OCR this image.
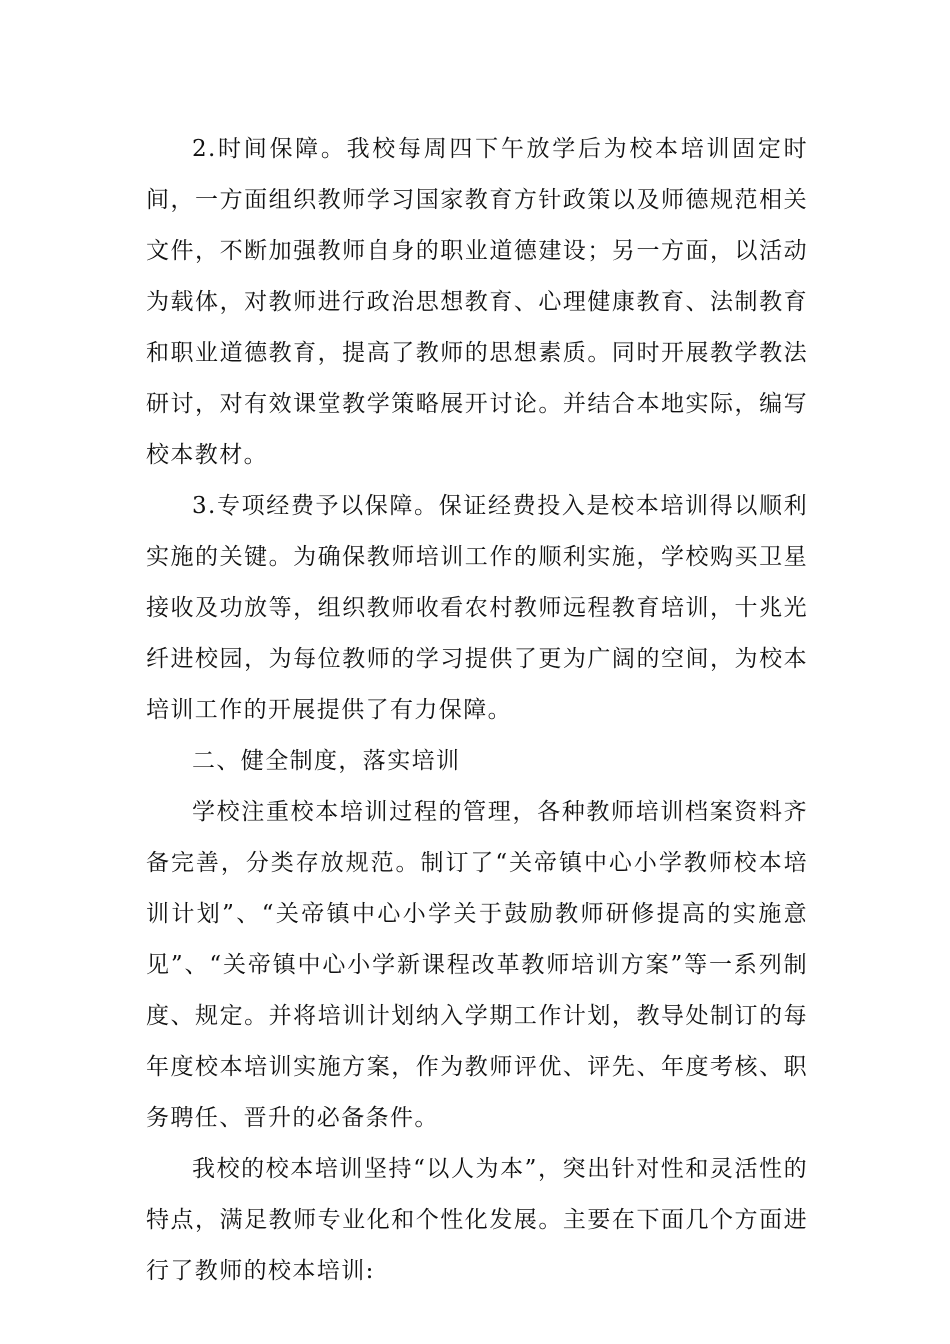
2.时间保障。我校每周四下午放学后为校本培训固定时间，一方面组织教师学习国家教育方针政策以及师德规范相关文件，不断加强教师自身的职业道德建设；另一方面，以活动为载体，对教师进行政治思想教育、心理健康教育、法制教育和职业道德教育，提高了教师的思想素质。同时开展教学教法研讨，对有效课堂教学策略展开讨论。并结合本地实际，编写校本教材。

3.专项经费予以保障。保证经费投入是校本培训得以顺利实施的关键。为确保教师培训工作的顺利实施，学校购买卫星接收及功放等，组织教师收看农村教师远程教育培训，十兆光纤进校园，为每位教师的学习提供了更为广阔的空间，为校本培训工作的开展提供了有力保障。

二、健全制度，落实培训

学校注重校本培训过程的管理，各种教师培训档案资料齐备完善，分类存放规范。制订了“关帝镇中心小学教师校本培训计划”、“关帝镇中心小学关于鼓励教师研修提高的实施意见”、“关帝镇中心小学新课程改革教师培训方案”等一系列制度、规定。并将培训计划纳入学期工作计划，教导处制订的每年度校本培训实施方案，作为教师评优、评先、年度考核、职务聘任、晋升的必备条件。

我校的校本培训坚持“以人为本”，突出针对性和灵活性的特点，满足教师专业化和个性化发展。主要在下面几个方面进行了教师的校本培训:
